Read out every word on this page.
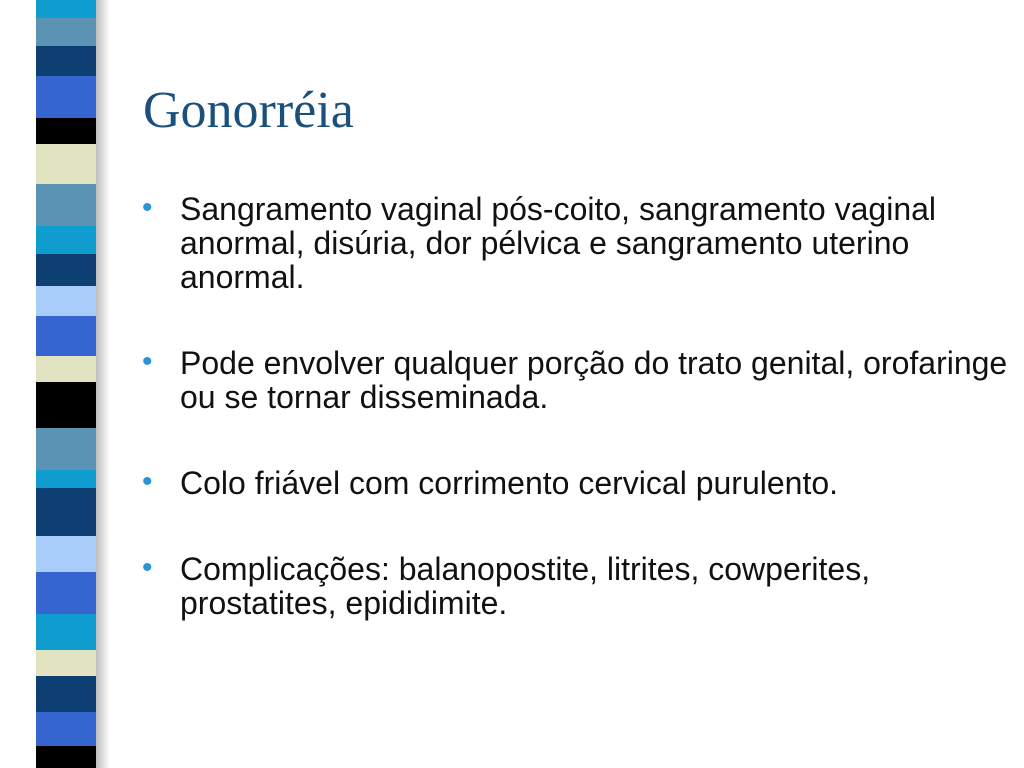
Gonorréia
• Sangramento vaginal pós-coito, sangramento vaginal anormal, disúria, dor pélvica e sangramento uterino anormal.
• Pode envolver qualquer porção do trato genital, orofaringe ou se tornar disseminada.
• Colo friável com corrimento cervical purulento.
• Complicações: balanopostite, litrites, cowperites, prostatites, epididimite.
